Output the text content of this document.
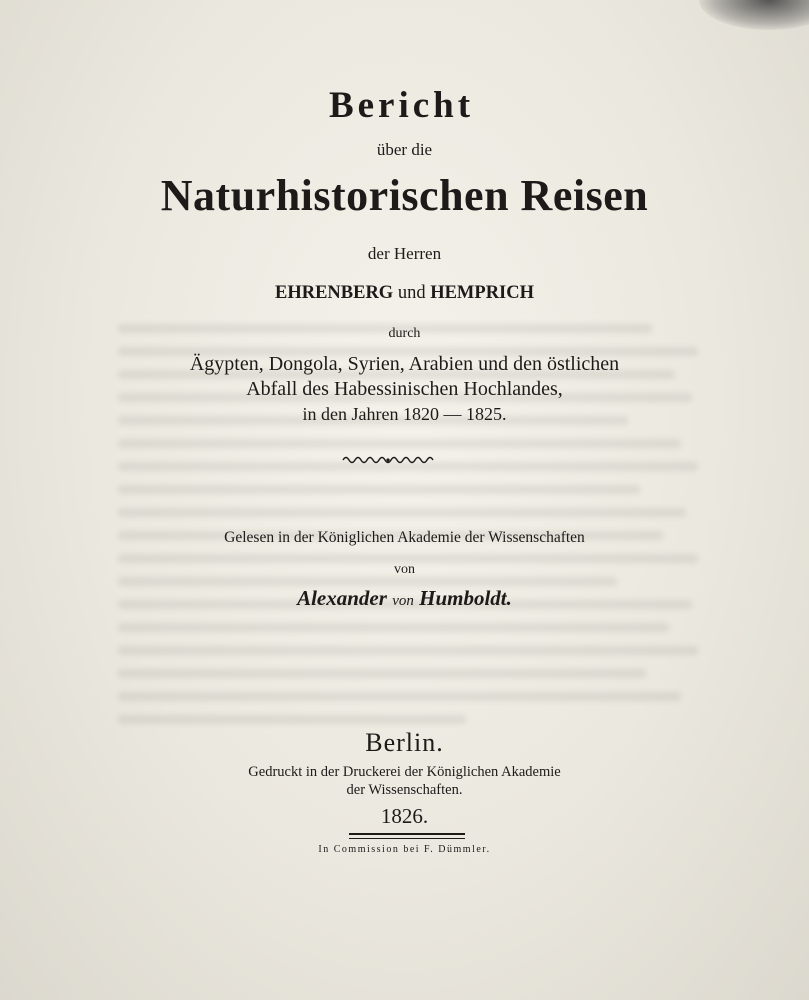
Bericht
über die
Naturhistorischen Reisen
der Herren
EHRENBERG und HEMPRICH
durch
Ägypten, Dongola, Syrien, Arabien und den östlichen
Abfall des Habessinischen Hochlandes,
in den Jahren 1820 — 1825.
Gelesen in der Königlichen Akademie der Wissenschaften
von
Alexander von Humboldt.
Berlin.
Gedruckt in der Druckerei der Königlichen Akademie
der Wissenschaften.
1826.
In Commission bei F. Dümmler.
